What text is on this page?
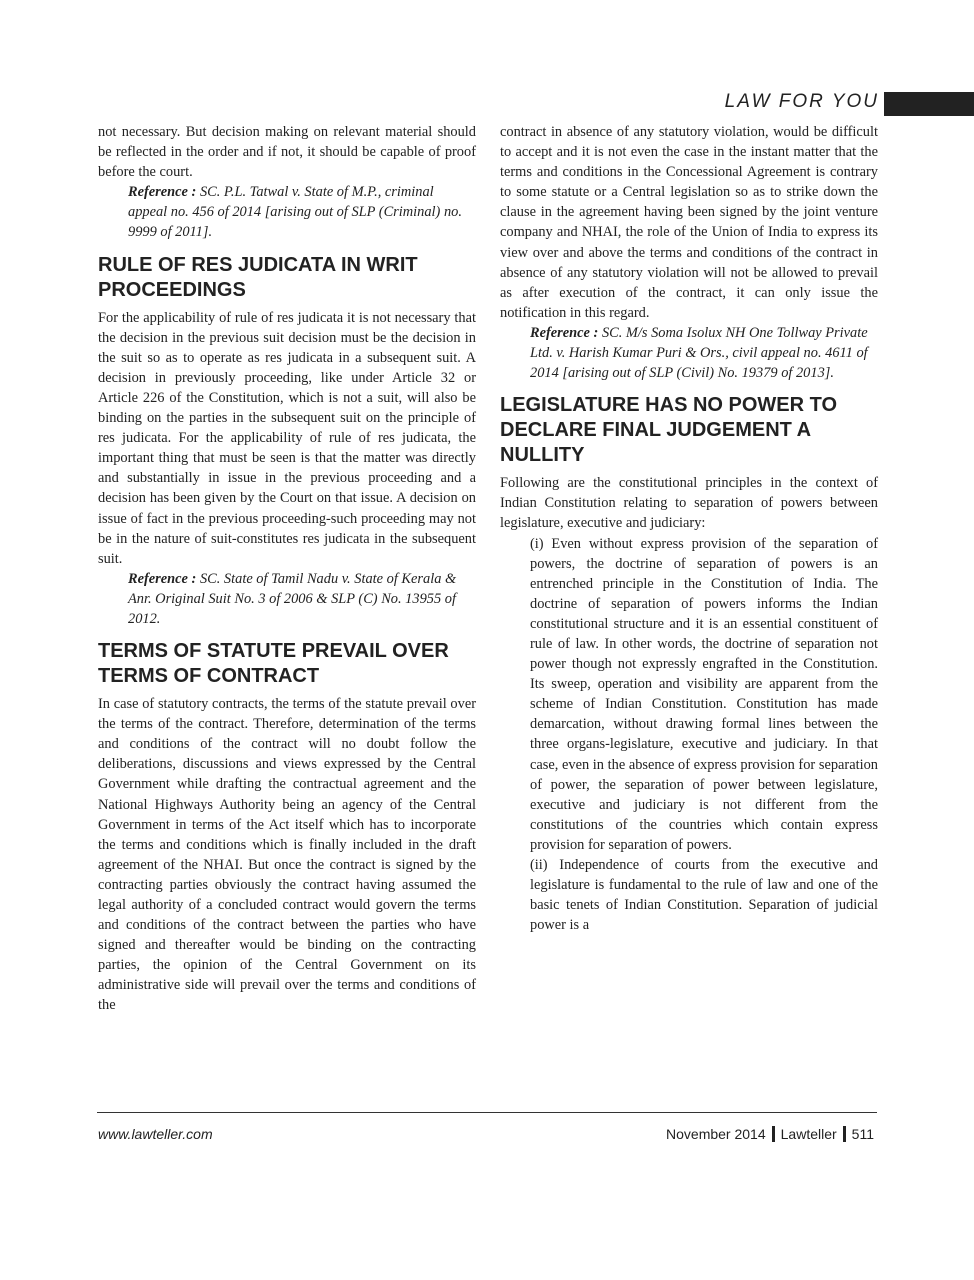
LAW FOR YOU

not necessary. But decision making on relevant material should be reflected in the order and if not, it should be capable of proof before the court.

Reference : SC. P.L. Tatwal v. State of M.P., criminal appeal no. 456 of 2014 [arising out of SLP (Criminal) no. 9999 of 2011].

RULE OF RES JUDICATA IN WRIT PROCEEDINGS

For the applicability of rule of res judicata it is not necessary that the decision in the previous suit decision must be the decision in the suit so as to operate as res judicata in a subsequent suit. A decision in previously proceeding, like under Article 32 or Article 226 of the Constitution, which is not a suit, will also be binding on the parties in the subsequent suit on the principle of res judicata. For the applicability of rule of res judicata, the important thing that must be seen is that the matter was directly and substantially in issue in the previous proceeding and a decision has been given by the Court on that issue. A decision on issue of fact in the previous proceeding-such proceeding may not be in the nature of suit-constitutes res judicata in the subsequent suit.

Reference : SC. State of Tamil Nadu v. State of Kerala & Anr. Original Suit No. 3 of 2006 & SLP (C) No. 13955 of 2012.

TERMS OF STATUTE PREVAIL OVER TERMS OF CONTRACT

In case of statutory contracts, the terms of the statute prevail over the terms of the contract. Therefore, determination of the terms and conditions of the contract will no doubt follow the deliberations, discussions and views expressed by the Central Government while drafting the contractual agreement and the National Highways Authority being an agency of the Central Government in terms of the Act itself which has to incorporate the terms and conditions which is finally included in the draft agreement of the NHAI. But once the contract is signed by the contracting parties obviously the contract having assumed the legal authority of a concluded contract would govern the terms and conditions of the contract between the parties who have signed and thereafter would be binding on the contracting parties, the opinion of the Central Government on its administrative side will prevail over the terms and conditions of the

contract in absence of any statutory violation, would be difficult to accept and it is not even the case in the instant matter that the terms and conditions in the Concessional Agreement is contrary to some statute or a Central legislation so as to strike down the clause in the agreement having been signed by the joint venture company and NHAI, the role of the Union of India to express its view over and above the terms and conditions of the contract in absence of any statutory violation will not be allowed to prevail as after execution of the contract, it can only issue the notification in this regard.

Reference : SC. M/s Soma Isolux NH One Tollway Private Ltd. v. Harish Kumar Puri & Ors., civil appeal no. 4611 of 2014 [arising out of SLP (Civil) No. 19379 of 2013].

LEGISLATURE HAS NO POWER TO DECLARE FINAL JUDGEMENT A NULLITY

Following are the constitutional principles in the context of Indian Constitution relating to separation of powers between legislature, executive and judiciary:

(i) Even without express provision of the separation of powers, the doctrine of separation of powers is an entrenched principle in the Constitution of India. The doctrine of separation of powers informs the Indian constitutional structure and it is an essential constituent of rule of law. In other words, the doctrine of separation not power though not expressly engrafted in the Constitution. Its sweep, operation and visibility are apparent from the scheme of Indian Constitution. Constitution has made demarcation, without drawing formal lines between the three organs-legislature, executive and judiciary. In that case, even in the absence of express provision for separation of power, the separation of power between legislature, executive and judiciary is not different from the constitutions of the countries which contain express provision for separation of powers.

(ii) Independence of courts from the executive and legislature is fundamental to the rule of law and one of the basic tenets of Indian Constitution. Separation of judicial power is a

www.lawteller.com	November 2014 Lawteller 511
